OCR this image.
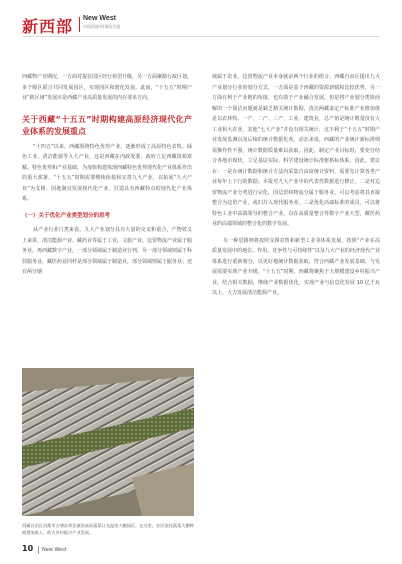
新西部 New West
中国西部·时事综合类

西藏物产业期况，一方面对提在国区经行裕型升级，另一方面聚路行政区划，多个级区联合共同发展园区，实现园区和谐化发展。此而，“十五五”时期产业“跨区域”发展应是西藏产业高质量发展的内在要求方向。

关于西藏“十五五”时期构建高原经济现代化产业体系的发展重点

“十四五”以来，西藏围绕特色优势产业，逐渐形成了高原特色农牧、绿色工业、清洁能源等九大产业，这是西藏在内政发委、政府立足西藏资源禀赋、特色优势和产业基础，为加快构建体现西藏特色优势现代化产业体系作出的重大部署。“十五五”时期需要继续衔接和完善九大产业，以拓展“九大产业”为支撑，因地制宜发展现代化产业，打造具有西藏特点的现代化产业体系。

（一）关于优化产业类型划分的思考

从产业行业门类来看，九大产业划分具有大量的交叉和重合，产物效义上来讲，清洁能源产业、藏药业等属于工业，文旅产业、边贸物流产业属于服务业。再西藏数字产业，一部分领域属于制造业行列，另一部分领域则属于科技服务业，藏医药业同样是部分领域属于制造业，部分领域则属于服务业；还有两分钢

域属于农业。边贸物流产业本身就是两个行业的组合。西藏自由区提出九大产业划分行业的划分方式，一方面是基于西藏的资源禀赋和比较优势，另一方面有利于产业链的衔接，也有助于产业融合发展。但是将产业划分类简而解的一个简洁问题就是缺乏精关统计数据，清洁两藏来定产标准产业增加值是以农林牧、一产、二产、三产、工业、建筑业，总产值是统计数量仅有大工业和大农业，其他“七大产业”并没有相关统计，这不利于“十五五”时期产业发展监测以及后续的统计数据化查。动态来说，西藏的产业统计新标准则需操作性不强，统计数据质量难以获取。因此，制定产业目标时，要充分结合各地市现状，立足基层实际，科学建设统计标准框格标体系。因此，建议在：一是在统计数据和统计方法内采集自由度统计资料，需要先计算各类产业每年上下行的数据；本报对九大产业中的代表性数据进行修正，二是对边贸物流产业分类进行完化，因边贸和物流分属于服务业，可以考虑将其直接整合为边贸产业，或归并入现代服务业。三是优化高端标准的成员，可以将特色工业中高端领导的整合产业，以在高质量整合等数字产业大型，藏医药业的高端领域的整合化的数字发展。

另一种思路则将按照支撑农牧和新型工业等体系发展，按照“产业在高质量发展中的地位、作用、竞争性与可持续性”以及九大产业的经济现代产业体系进行重新划分，以更好地统计数据获取，符合西藏产业发展基础，与发展需要实现产业升级。“十五五”时期，西藏将聚焦于大规模建设乡村振兴产业，结合相关数据，继续产业数据优化，实现产业与信息化发展 10 亿千瓦以上，大力发展清洁能源产业。

西藏自治区昌都市吉塘县邦达镇的高原蔬菜日光温室大棚园区。在这里，农民依托蔬菜大棚种植增加收入，助力乡村振兴产业发展。
10 New West
